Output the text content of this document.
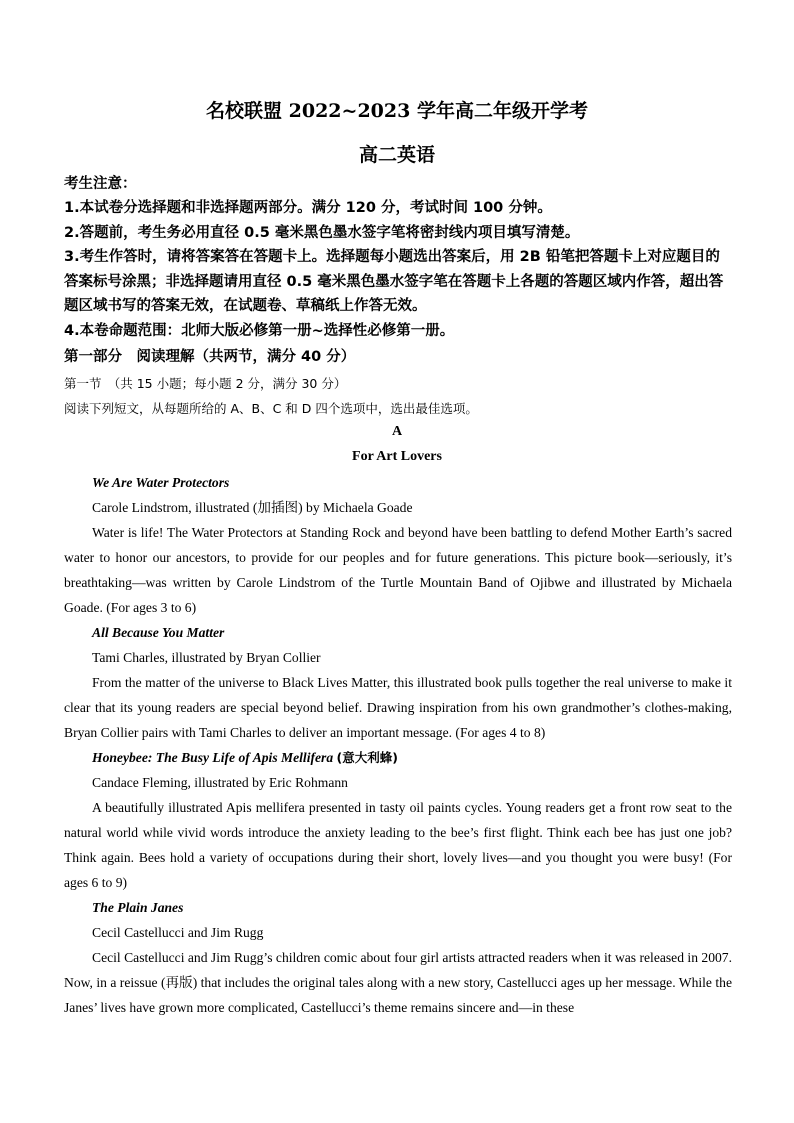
名校联盟 2022~2023 学年高二年级开学考
高二英语
考生注意：
1.本试卷分选择题和非选择题两部分。满分 120 分，考试时间 100 分钟。
2.答题前，考生务必用直径 0.5 毫米黑色墨水签字笔将密封线内项目填写清楚。
3.考生作答时，请将答案答在答题卡上。选择题每小题选出答案后，用 2B 铅笔把答题卡上对应题目的答案标号涂黑；非选择题请用直径 0.5 毫米黑色墨水签字笔在答题卡上各题的答题区域内作答，超出答题区域书写的答案无效，在试题卷、草稿纸上作答无效。
4.本卷命题范围：北师大版必修第一册~选择性必修第一册。
第一部分　阅读理解（共两节，满分 40 分）
第一节　（共 15 小题；每小题 2 分，满分 30 分）
阅读下列短文，从每题所给的 A、B、C 和 D 四个选项中，选出最佳选项。
A
For Art Lovers
We Are Water Protectors
Carole Lindstrom, illustrated (加插图) by Michaela Goade
Water is life! The Water Protectors at Standing Rock and beyond have been battling to defend Mother Earth’s sacred water to honor our ancestors, to provide for our peoples and for future generations. This picture book—seriously, it’s breathtaking—was written by Carole Lindstrom of the Turtle Mountain Band of Ojibwe and illustrated by Michaela Goade. (For ages 3 to 6)
All Because You Matter
Tami Charles, illustrated by Bryan Collier
From the matter of the universe to Black Lives Matter, this illustrated book pulls together the real universe to make it clear that its young readers are special beyond belief. Drawing inspiration from his own grandmother’s clothes-making, Bryan Collier pairs with Tami Charles to deliver an important message. (For ages 4 to 8)
Honeybee: The Busy Life of Apis Mellifera (意大利蜂)
Candace Fleming, illustrated by Eric Rohmann
A beautifully illustrated Apis mellifera presented in tasty oil paints cycles. Young readers get a front row seat to the natural world while vivid words introduce the anxiety leading to the bee’s first flight. Think each bee has just one job? Think again. Bees hold a variety of occupations during their short, lovely lives—and you thought you were busy! (For ages 6 to 9)
The Plain Janes
Cecil Castellucci and Jim Rugg
Cecil Castellucci and Jim Rugg’s children comic about four girl artists attracted readers when it was released in 2007. Now, in a reissue (再版) that includes the original tales along with a new story, Castellucci ages up her message. While the Janes’ lives have grown more complicated, Castellucci’s theme remains sincere and—in these
